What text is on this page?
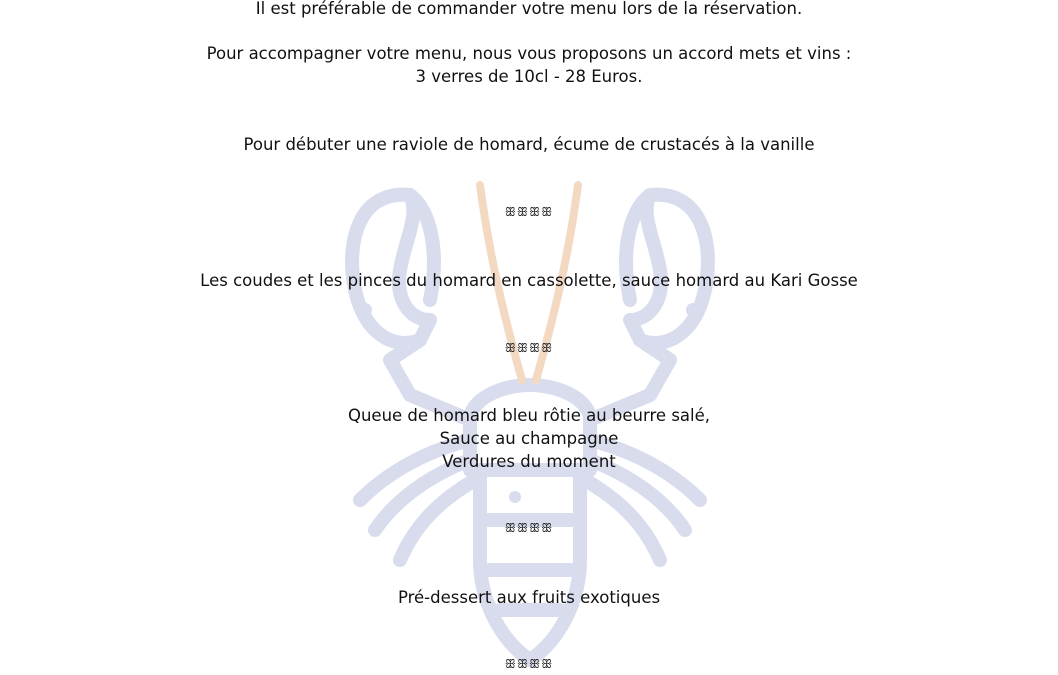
Il est préférable de commander votre menu lors de la réservation.
Pour accompagner votre menu, nous vous proposons un accord mets et vins :
3 verres de 10cl - 28 Euros.
Pour débuter une raviole de homard, écume de crustacés à la vanille
ꕥꕥꕥꕥ
Les coudes et les pinces du homard en cassolette, sauce homard au Kari Gosse
ꕥꕥꕥꕥ
Queue de homard bleu rôtie au beurre salé,
Sauce au champagne
Verdures du moment
ꕥꕥꕥꕥ
Pré-dessert aux fruits exotiques
ꕥꕥꕥꕥ
